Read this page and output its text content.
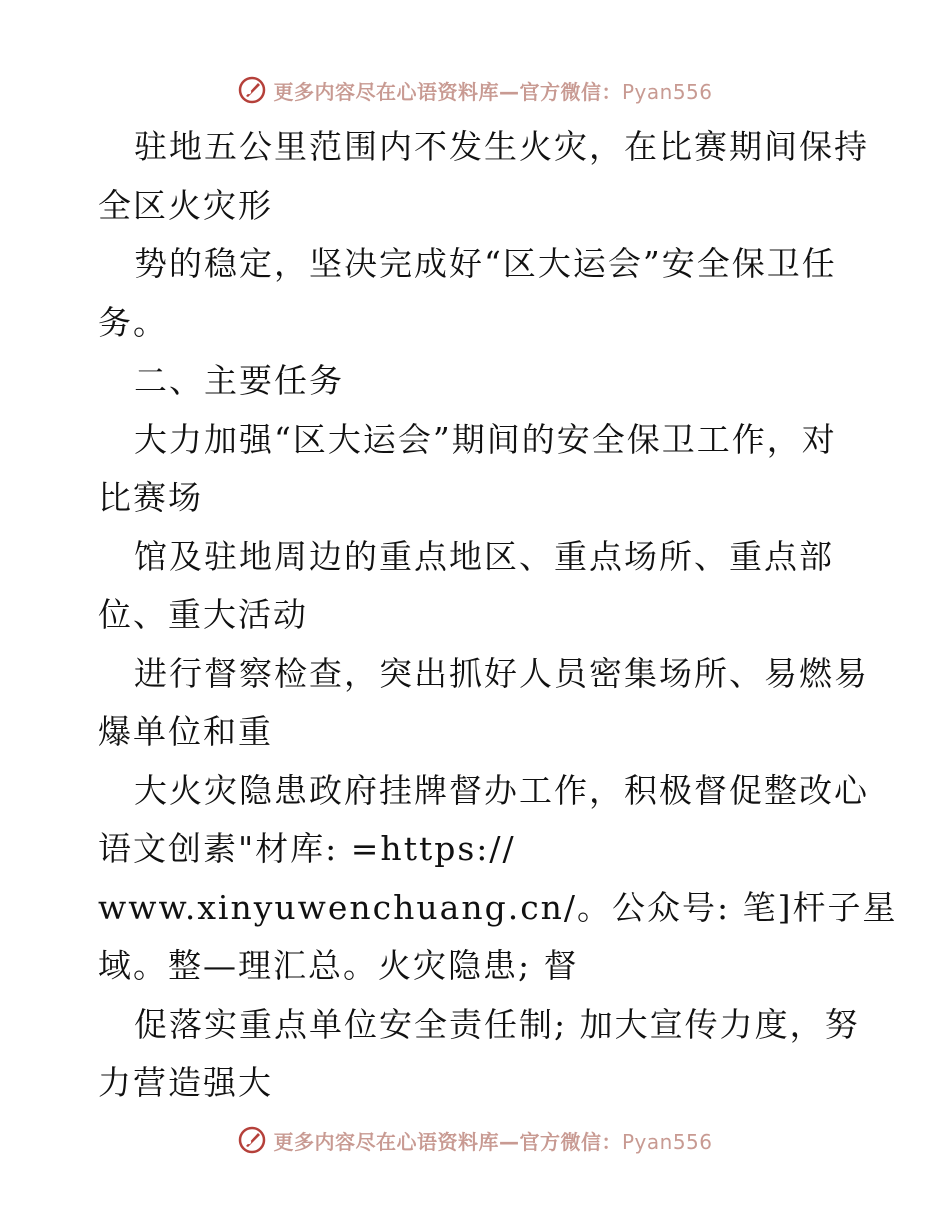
更多内容尽在心语资料库—官方微信：Pyan556
驻地五公里范围内不发生火灾，在比赛期间保持
全区火灾形
势的稳定，坚决完成好“区大运会”安全保卫任
务。
二、主要任务
大力加强“区大运会”期间的安全保卫工作，对
比赛场
馆及驻地周边的重点地区、重点场所、重点部
位、重大活动
进行督察检查，突出抓好人员密集场所、易燃易
爆单位和重
大火灾隐患政府挂牌督办工作，积极督促整改心
语文创素"材库: =https://
www.xinyuwenchuang.cn/。公众号: 笔]杆子星
域。整—理汇总。火灾隐患; 督
促落实重点单位安全责任制; 加大宣传力度，努
力营造强大
更多内容尽在心语资料库—官方微信：Pyan556
